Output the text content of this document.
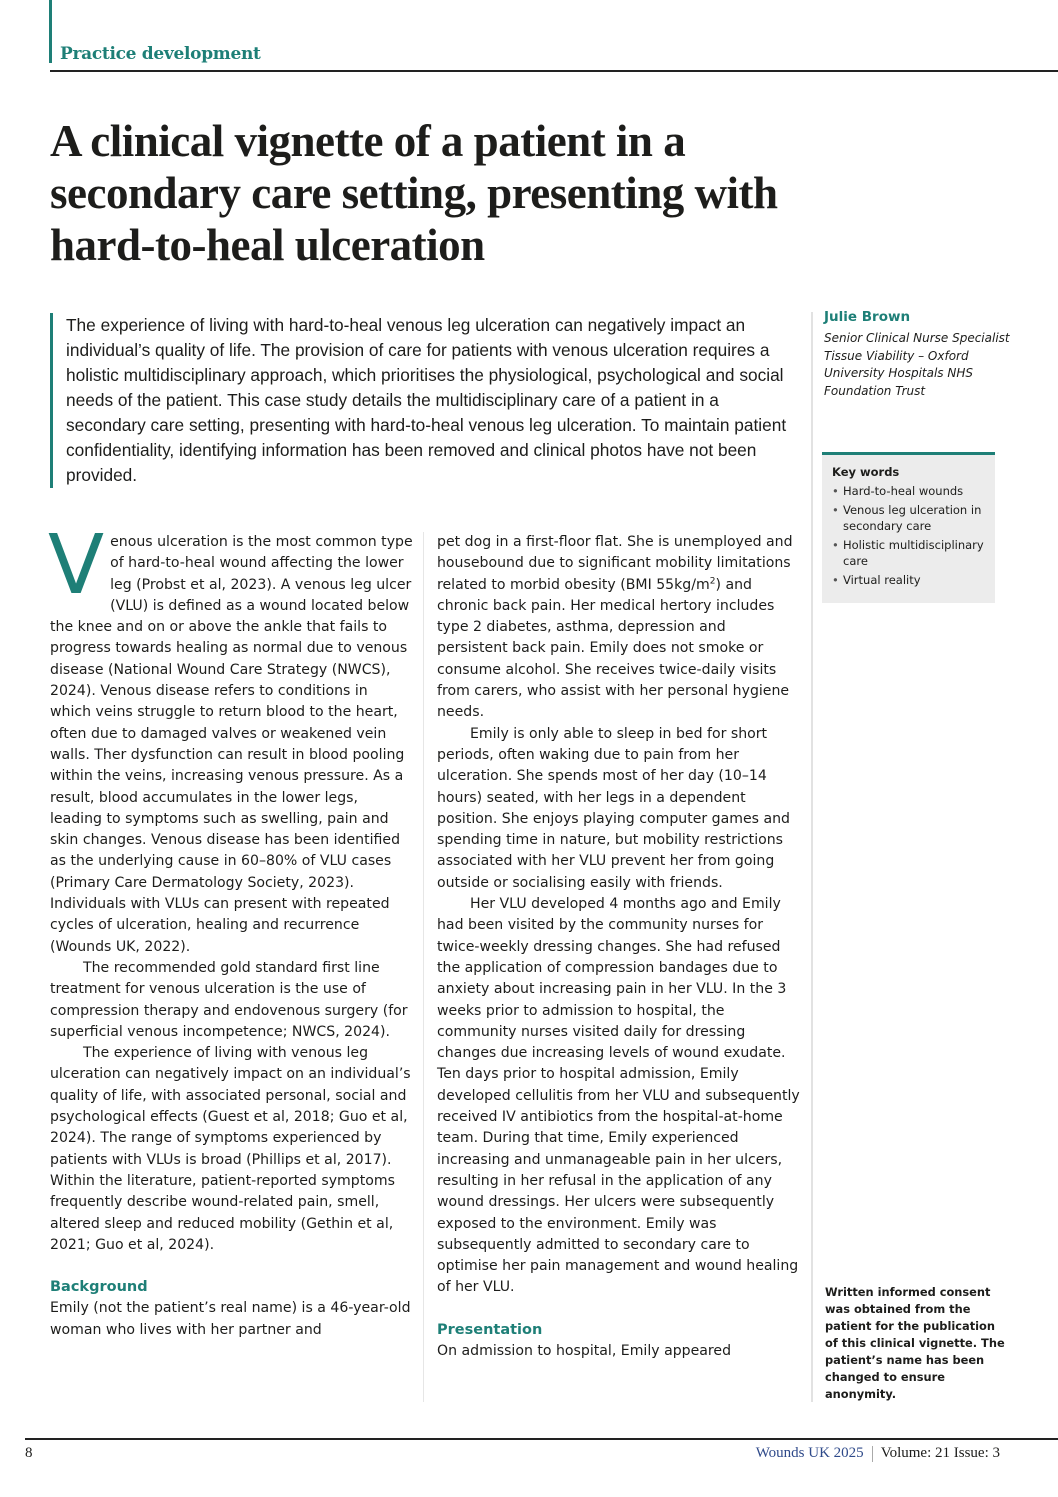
Practice development
A clinical vignette of a patient in a secondary care setting, presenting with hard-to-heal ulceration

The experience of living with hard-to-heal venous leg ulceration can negatively impact an individual’s quality of life. The provision of care for patients with venous ulceration requires a holistic multidisciplinary approach, which prioritises the physiological, psychological and social needs of the patient. This case study details the multidisciplinary care of a patient in a secondary care setting, presenting with hard-to-heal venous leg ulceration. To maintain patient confidentiality, identifying information has been removed and clinical photos have not been provided.

Julie Brown

Senior Clinical Nurse Specialist Tissue Viability – Oxford University Hospitals NHS Foundation Trust

Key words

• Hard-to-heal wounds
• Venous leg ulceration in secondary care
• Holistic multidisciplinary care
• Virtual reality

Venous ulceration is the most common type of hard-to-heal wound affecting the lower leg (Probst et al, 2023). A venous leg ulcer (VLU) is defined as a wound located below the knee and on or above the ankle that fails to progress towards healing as normal due to venous disease (National Wound Care Strategy (NWCS), 2024). Venous disease refers to conditions in which veins struggle to return blood to the heart, often due to damaged valves or weakened vein walls. Ther dysfunction can result in blood pooling within the veins, increasing venous pressure. As a result, blood accumulates in the lower legs, leading to symptoms such as swelling, pain and skin changes. Venous disease has been identified as the underlying cause in 60–80% of VLU cases (Primary Care Dermatology Society, 2023). Individuals with VLUs can present with repeated cycles of ulceration, healing and recurrence (Wounds UK, 2022).

The recommended gold standard first line treatment for venous ulceration is the use of compression therapy and endovenous surgery (for superficial venous incompetence; NWCS, 2024).

The experience of living with venous leg ulceration can negatively impact on an individual’s quality of life, with associated personal, social and psychological effects (Guest et al, 2018; Guo et al, 2024). The range of symptoms experienced by patients with VLUs is broad (Phillips et al, 2017). Within the literature, patient-reported symptoms frequently describe wound-related pain, smell, altered sleep and reduced mobility (Gethin et al, 2021; Guo et al, 2024).

Background

Emily (not the patient’s real name) is a 46-year-old woman who lives with her partner and

pet dog in a first-floor flat. She is unemployed and housebound due to significant mobility limitations related to morbid obesity (BMI $55kg/m^2$) and chronic back pain. Her medical hertory includes type 2 diabetes, asthma, depression and persistent back pain. Emily does not smoke or consume alcohol. She receives twice-daily visits from carers, who assist with her personal hygiene needs.

Emily is only able to sleep in bed for short periods, often waking due to pain from her ulceration. She spends most of her day (10–14 hours) seated, with her legs in a dependent position. She enjoys playing computer games and spending time in nature, but mobility restrictions associated with her VLU prevent her from going outside or socialising easily with friends.

Her VLU developed 4 months ago and Emily had been visited by the community nurses for twice-weekly dressing changes. She had refused the application of compression bandages due to anxiety about increasing pain in her VLU. In the 3 weeks prior to admission to hospital, the community nurses visited daily for dressing changes due increasing levels of wound exudate. Ten days prior to hospital admission, Emily developed cellulitis from her VLU and subsequently received IV antibiotics from the hospital-at-home team. During that time, Emily experienced increasing and unmanageable pain in her ulcers, resulting in her refusal in the application of any wound dressings. Her ulcers were subsequently exposed to the environment. Emily was subsequently admitted to secondary care to optimise her pain management and wound healing of her VLU.

Presentation

On admission to hospital, Emily appeared

Written informed consent was obtained from the patient for the publication of this clinical vignette. The patient’s name has been changed to ensure anonymity.
8	Wounds UK 2025 Volume: 21 Issue: 3
